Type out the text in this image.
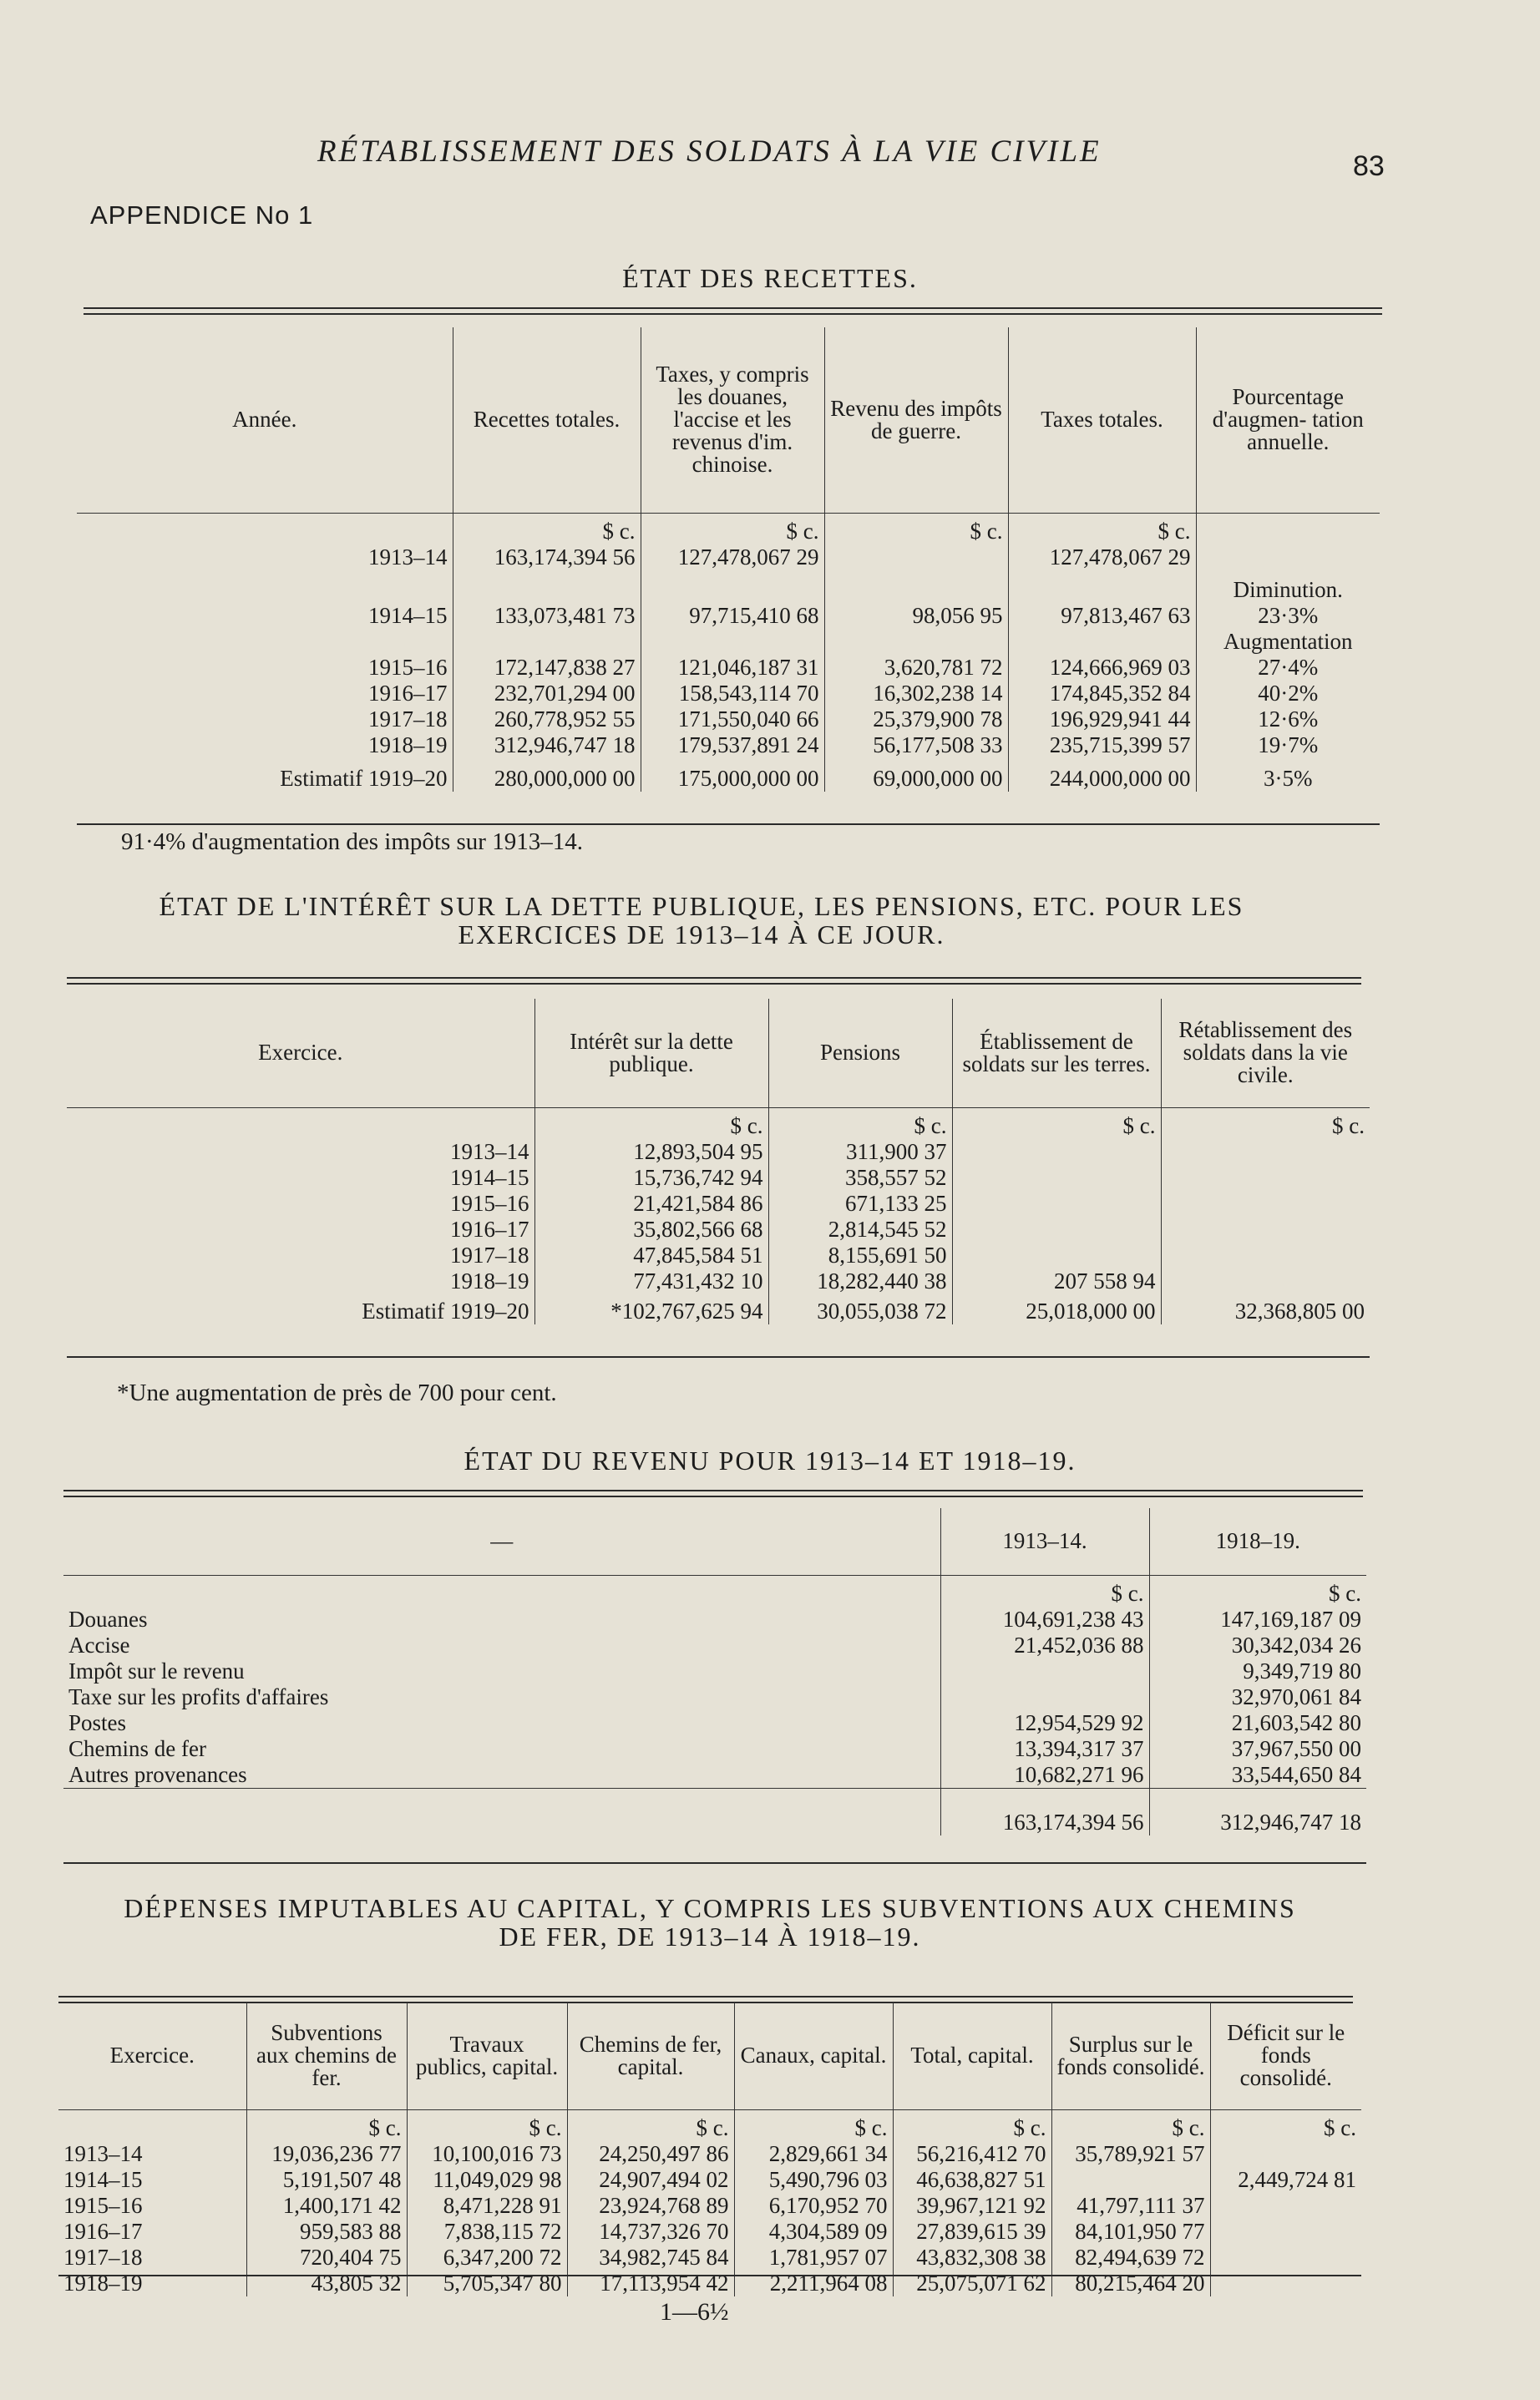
RÉTABLISSEMENT DES SOLDATS À LA VIE CIVILE	83
APPENDICE No 1
ÉTAT DES RECETTES.
Année.	Recettes totales.	Taxes, y compris les douanes, l'accise et les revenus d'im. chinoise.	Revenu des impôts de guerre.	Taxes totales.	Pourcentage d'augmen- tation annuelle.
	$ c.	$ c.	$ c.	$ c.	
1913–14	163,174,394 56	127,478,067 29		127,478,067 29	
1914–15	133,073,481 73	97,715,410 68	98,056 95	97,813,467 63	Diminution. 23·3%
1915–16	172,147,838 27	121,046,187 31	3,620,781 72	124,666,969 03	Augmentation 27·4%
1916–17	232,701,294 00	158,543,114 70	16,302,238 14	174,845,352 84	40·2%
1917–18	260,778,952 55	171,550,040 66	25,379,900 78	196,929,941 44	12·6%
1918–19	312,946,747 18	179,537,891 24	56,177,508 33	235,715,399 57	19·7%
Estimatif 1919–20	280,000,000 00	175,000,000 00	69,000,000 00	244,000,000 00	3·5%
91·4% d'augmentation des impôts sur 1913–14.
ÉTAT DE L'INTÉRÊT SUR LA DETTE PUBLIQUE, LES PENSIONS, ETC. POUR LES
EXERCICES DE 1913–14 À CE JOUR.
Exercice.	Intérêt sur la dette publique.	Pensions	Établissement de soldats sur les terres.	Rétablissement des soldats dans la vie civile.
	$ c.	$ c.	$ c.	$ c.
1913–14	12,893,504 95	311,900 37		
1914–15	15,736,742 94	358,557 52		
1915–16	21,421,584 86	671,133 25		
1916–17	35,802,566 68	2,814,545 52		
1917–18	47,845,584 51	8,155,691 50		
1918–19	77,431,432 10	18,282,440 38	207 558 94	
Estimatif 1919–20	*102,767,625 94	30,055,038 72	25,018,000 00	32,368,805 00
*Une augmentation de près de 700 pour cent.
ÉTAT DU REVENU POUR 1913–14 ET 1918–19.
—	1913–14.	1918–19.
	$ c.	$ c.
Douanes	104,691,238 43	147,169,187 09
Accise	21,452,036 88	30,342,034 26
Impôt sur le revenu		9,349,719 80
Taxe sur les profits d'affaires		32,970,061 84
Postes	12,954,529 92	21,603,542 80
Chemins de fer	13,394,317 37	37,967,550 00
Autres provenances	10,682,271 96	33,544,650 84
	163,174,394 56	312,946,747 18
DÉPENSES IMPUTABLES AU CAPITAL, Y COMPRIS LES SUBVENTIONS AUX CHEMINS
DE FER, DE 1913–14 À 1918–19.
Exercice.	Subventions aux chemins de fer.	Travaux publics, capital.	Chemins de fer, capital.	Canaux, capital.	Total, capital.	Surplus sur le fonds consolidé.	Déficit sur le fonds consolidé.
	$ c.	$ c.	$ c.	$ c.	$ c.	$ c.	$ c.
1913–14	19,036,236 77	10,100,016 73	24,250,497 86	2,829,661 34	56,216,412 70	35,789,921 57	
1914–15	5,191,507 48	11,049,029 98	24,907,494 02	5,490,796 03	46,638,827 51		2,449,724 81
1915–16	1,400,171 42	8,471,228 91	23,924,768 89	6,170,952 70	39,967,121 92	41,797,111 37	
1916–17	959,583 88	7,838,115 72	14,737,326 70	4,304,589 09	27,839,615 39	84,101,950 77	
1917–18	720,404 75	6,347,200 72	34,982,745 84	1,781,957 07	43,832,308 38	82,494,639 72	
1918–19	43,805 32	5,705,347 80	17,113,954 42	2,211,964 08	25,075,071 62	80,215,464 20	
1—6½
